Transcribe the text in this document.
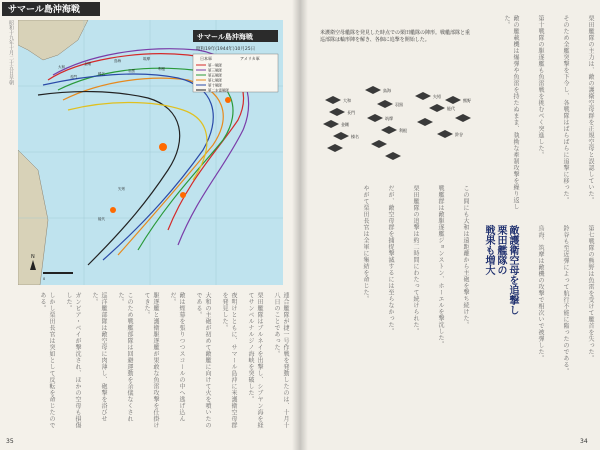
サマール島沖海戦
昭和十九年十月二十五日早朝	サマール島沖海戦
昭和19年(1944年)10月25日
日本軍	アメリカ軍
第一戦隊
第三戦隊
第五戦隊
第七戦隊
第十戦隊
第二水雷戦隊
大和
長門
金剛
榛名
鳥海
羽黒
筑摩
利根
矢矧
能代
N
0
連合艦隊が捷一号作戦を発動したのは、十月十八日のことであった。
栗田艦隊はブルネイを出撃し、シブヤン海を経てサンベルナルジノ海峡を突破した。
夜明けとともに、サマール島沖に米護衛空母群を発見した。
大和の主砲が初めて敵艦に向けて火を噴いたのである。
敵は煙幕を張りつつスコールの中へ逃げ込んだ。
駆逐艦と護衛駆逐艦が果敢な魚雷攻撃を仕掛けてきた。
このため戦艦部隊は回避運動を余儀なくされた。
巡洋艦部隊は敵空母に肉薄し、砲撃を浴びせた。
ガンビア・ベイが撃沈され、ほかの空母も損傷した。
しかし栗田長官は突如として反転を命じたのである。
35	34
米護衛空母艦隊を発見した時点での栗田艦隊の陣形。戦艦部隊と重巡部隊は輪形陣を解き、各個に追撃を開始した。
大和
長門
金剛
榛名
鳥海
羽黒
筑摩
利根
矢矧
能代
熊野
鈴谷	栗田艦隊の主力は、敵の護衛空母群を正規空母と誤認していた。
そのため全艦突撃を下令し、各戦隊はばらばらに追撃に移った。
第十戦隊の駆逐艦も魚雷戦を挑むべく突進した。
敵の艦載機は爆弾や魚雷を持たぬまま、執拗な牽制攻撃を繰り返した。
第七戦隊の熊野は魚雷を受けて艦首を失った。
鈴谷も至近弾によって航行不能に陥ったのである。
鳥海、筑摩は敵機の攻撃で相次いで被弾した。
敵護衛空母を追撃し
栗田艦隊の
戦果も増大
この間にも大和は遠距離から主砲を撃ち続けた。
戦艦群は敵駆逐艦ジョンストン、ホーエルを撃沈した。
栗田艦隊の追撃は約二時間にわたって続けられた。
だが、敵空母群を捕捉撃滅するには至らなかった。
やがて栗田長官は全軍に集結を命じた。
